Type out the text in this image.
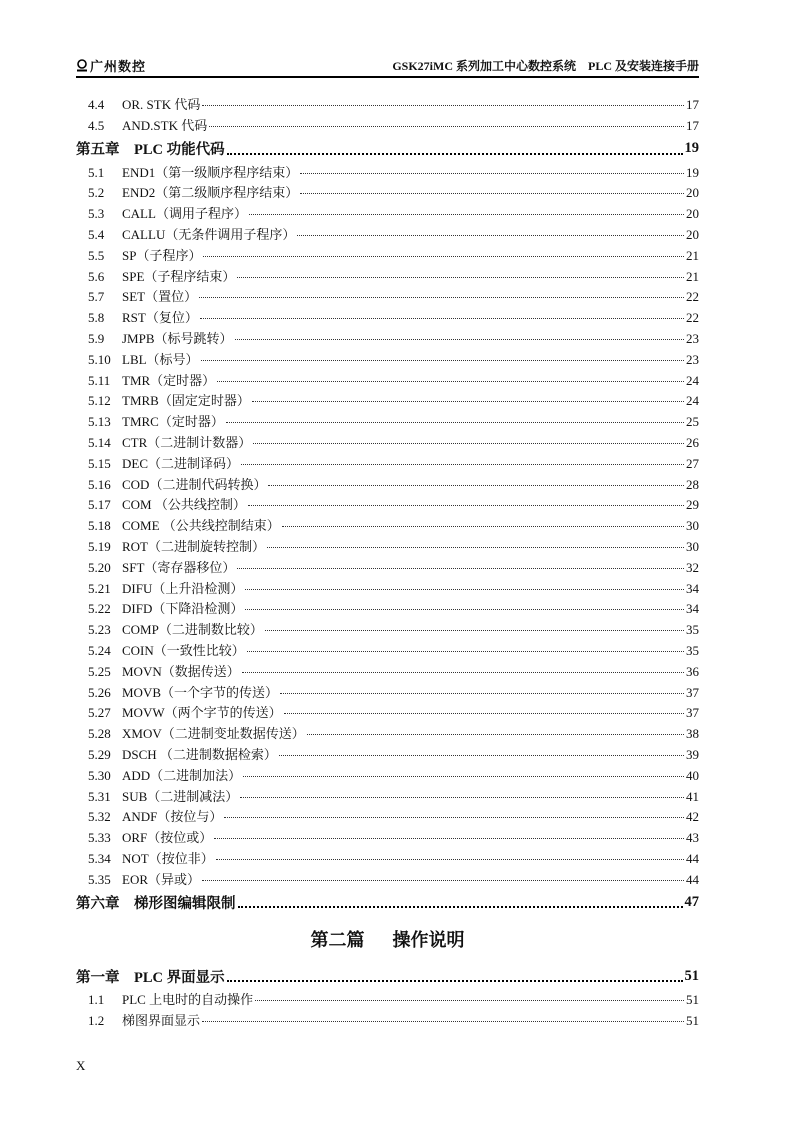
广州数控	GSK27iMC 系列加工中心数控系统　PLC 及安装连接手册
4.4	OR. STK 代码	17
4.5	AND.STK 代码	17
第五章　PLC 功能代码	19
5.1	END1（第一级顺序程序结束）	19
5.2	END2（第二级顺序程序结束）	20
5.3	CALL（调用子程序）	20
5.4	CALLU（无条件调用子程序）	20
5.5	SP（子程序）	21
5.6	SPE（子程序结束）	21
5.7	SET（置位）	22
5.8	RST（复位）	22
5.9	JMPB（标号跳转）	23
5.10 LBL（标号）	23
5.11 TMR（定时器）	24
5.12 TMRB（固定定时器）	24
5.13 TMRC（定时器）	25
5.14 CTR（二进制计数器）	26
5.15 DEC（二进制译码）	27
5.16 COD（二进制代码转换）	28
5.17 COM （公共线控制）	29
5.18 COME （公共线控制结束）	30
5.19 ROT（二进制旋转控制）	30
5.20 SFT（寄存器移位）	32
5.21 DIFU（上升沿检测）	34
5.22 DIFD（下降沿检测）	34
5.23 COMP（二进制数比较）	35
5.24 COIN（一致性比较）	35
5.25 MOVN（数据传送）	36
5.26 MOVB（一个字节的传送）	37
5.27 MOVW（两个字节的传送）	37
5.28 XMOV（二进制变址数据传送）	38
5.29 DSCH （二进制数据检索）	39
5.30 ADD（二进制加法）	40
5.31 SUB（二进制减法）	41
5.32 ANDF（按位与）	42
5.33 ORF（按位或）	43
5.34 NOT（按位非）	44
5.35 EOR（异或）	44
第六章　梯形图编辑限制	47
第二篇 操作说明
第一章　PLC 界面显示	51
1.1	PLC 上电时的自动操作	51
1.2	梯图界面显示	51
X
